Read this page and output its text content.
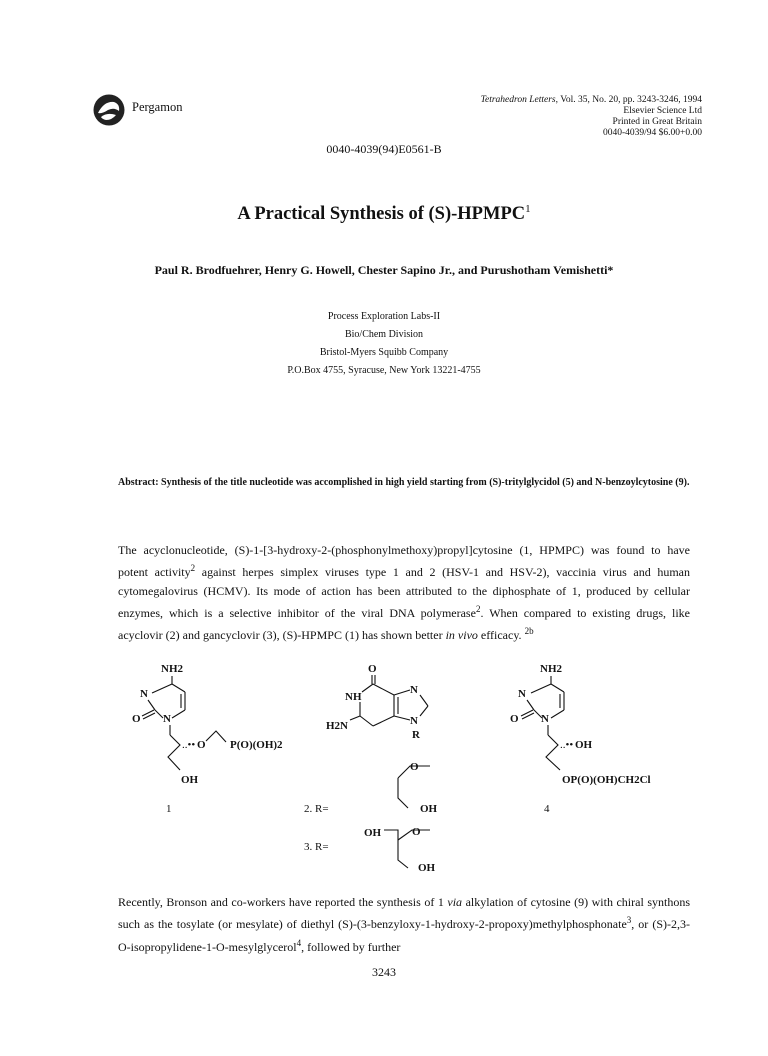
Pergamon	Tetrahedron Letters, Vol. 35, No. 20, pp. 3243-3246, 1994
Elsevier Science Ltd
Printed in Great Britain
0040-4039/94 $6.00+0.00
0040-4039(94)E0561-B
A Practical Synthesis of (S)-HPMPC$^1$
Paul R. Brodfuehrer, Henry G. Howell, Chester Sapino Jr., and Purushotham Vemishetti*
Process Exploration Labs-II
Bio/Chem Division
Bristol-Myers Squibb Company
P.O.Box 4755, Syracuse, New York 13221-4755
Abstract: Synthesis of the title nucleotide was accomplished in high yield starting from (S)-tritylglycidol (5) and N-benzoylcytosine (9).
The acyclonucleotide, (S)-1-[3-hydroxy-2-(phosphonylmethoxy)propyl]cytosine (1, HPMPC) was found to have potent activity$^2$ against herpes simplex viruses type 1 and 2 (HSV-1 and HSV-2), vaccinia virus and human cytomegalovirus (HCMV). Its mode of action has been attributed to the diphosphate of 1, produced by cellular enzymes, which is a selective inhibitor of the viral DNA polymerase$^2$. When compared to existing drugs, like acyclovir (2) and gancyclovir (3), (S)-HPMPC (1) has shown better in vivo efficacy. $^{2b}$
NH2
N
N
O
..•• O P(O)(OH)2
OH
1
O
NH
H2N
N
N
R
2. R=
O
OH
3. R=
OH	O
OH
NH2
N
N
O
..•• OH
OP(O)(OH)CH2Cl
4
Recently, Bronson and co-workers have reported the synthesis of 1 via alkylation of cytosine (9) with chiral synthons such as the tosylate (or mesylate) of diethyl (S)-(3-benzyloxy-1-hydroxy-2-propoxy)methylphosphonate$^3$, or (S)-2,3-O-isopropylidene-1-O-mesylglycerol$^4$, followed by further
3243
